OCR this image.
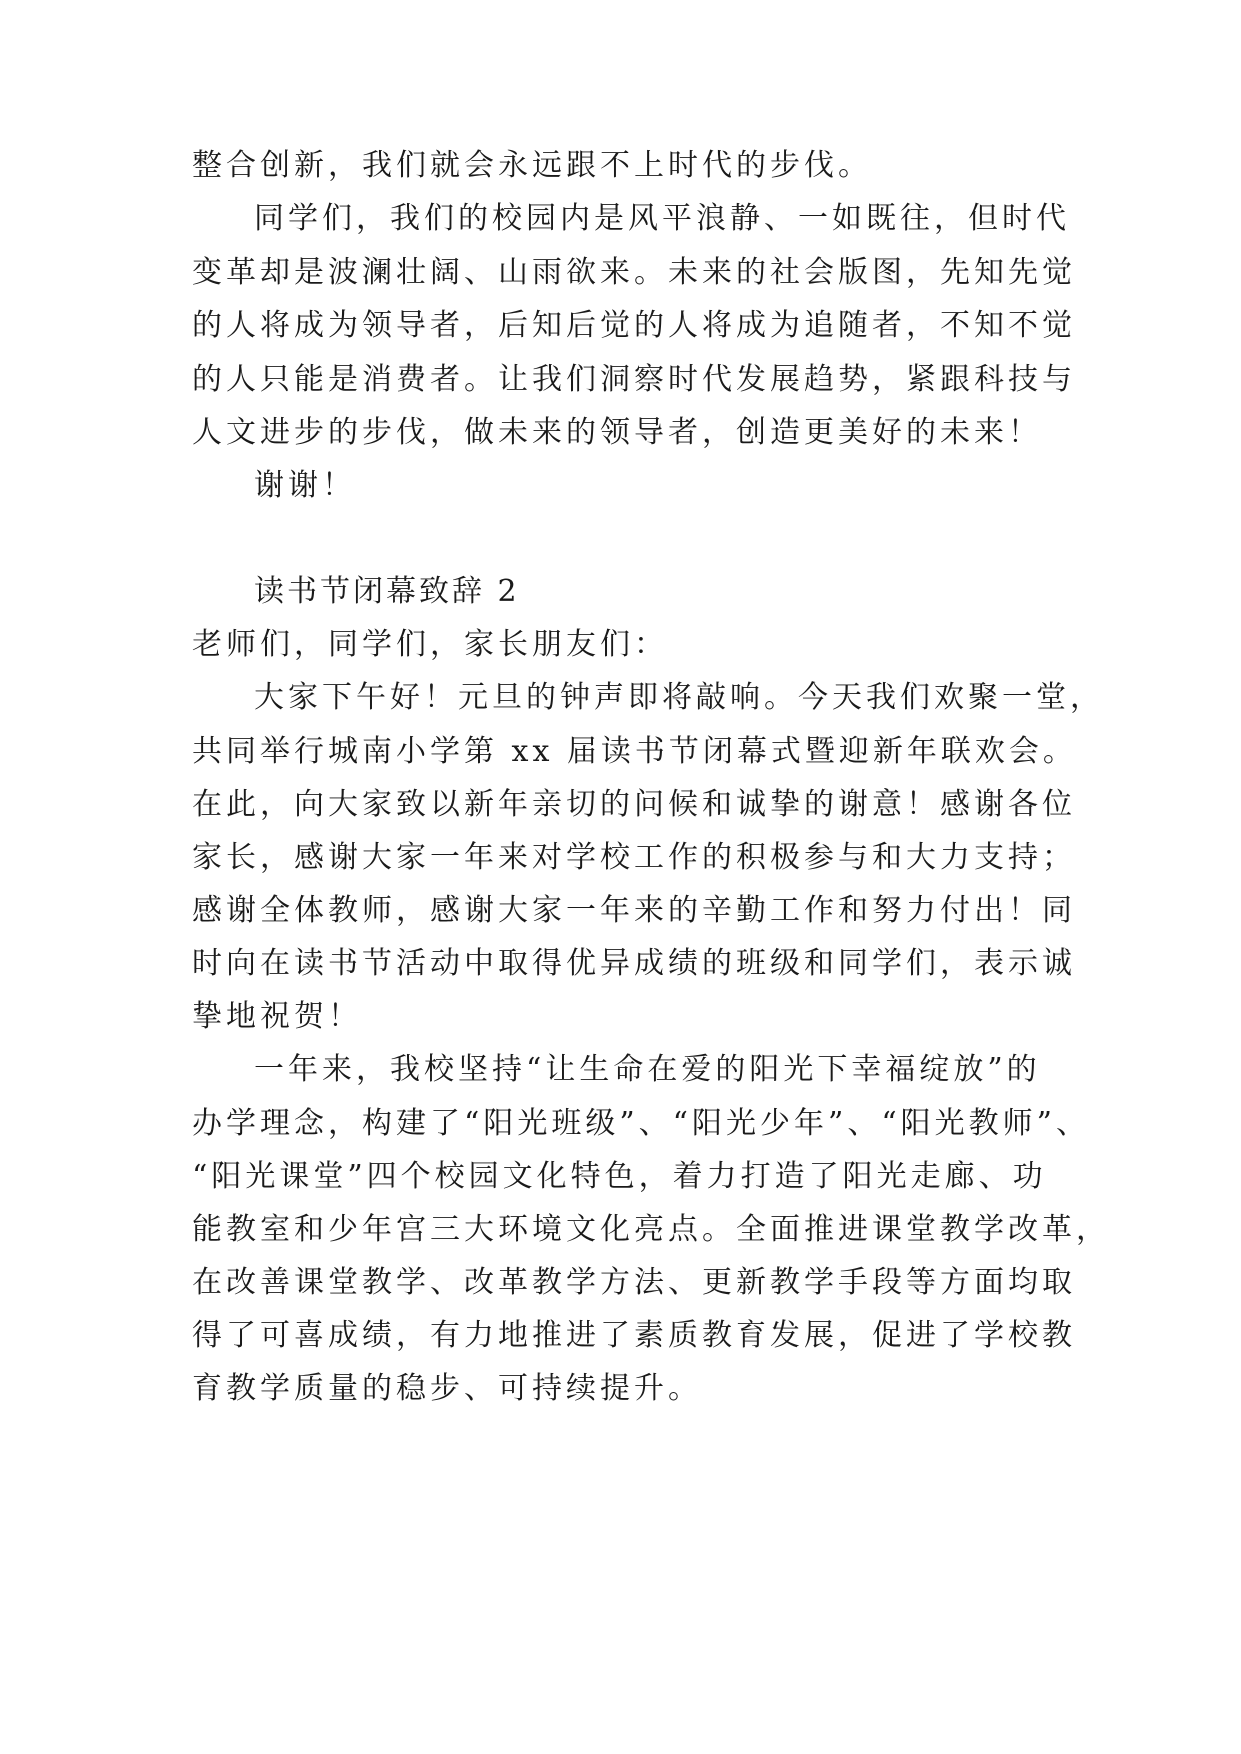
整合创新，我们就会永远跟不上时代的步伐。
同学们，我们的校园内是风平浪静、一如既往，但时代
变革却是波澜壮阔、山雨欲来。未来的社会版图，先知先觉
的人将成为领导者，后知后觉的人将成为追随者，不知不觉
的人只能是消费者。让我们洞察时代发展趋势，紧跟科技与
人文进步的步伐，做未来的领导者，创造更美好的未来！
谢谢！
读书节闭幕致辞 2
老师们，同学们，家长朋友们：
大家下午好！元旦的钟声即将敲响。今天我们欢聚一堂，
共同举行城南小学第 xx 届读书节闭幕式暨迎新年联欢会。
在此，向大家致以新年亲切的问候和诚挚的谢意！感谢各位
家长，感谢大家一年来对学校工作的积极参与和大力支持；
感谢全体教师，感谢大家一年来的辛勤工作和努力付出！同
时向在读书节活动中取得优异成绩的班级和同学们，表示诚
挚地祝贺！
一年来，我校坚持“让生命在爱的阳光下幸福绽放”的
办学理念，构建了“阳光班级”、“阳光少年”、“阳光教师”、
“阳光课堂”四个校园文化特色，着力打造了阳光走廊、功
能教室和少年宫三大环境文化亮点。全面推进课堂教学改革，
在改善课堂教学、改革教学方法、更新教学手段等方面均取
得了可喜成绩，有力地推进了素质教育发展，促进了学校教
育教学质量的稳步、可持续提升。
